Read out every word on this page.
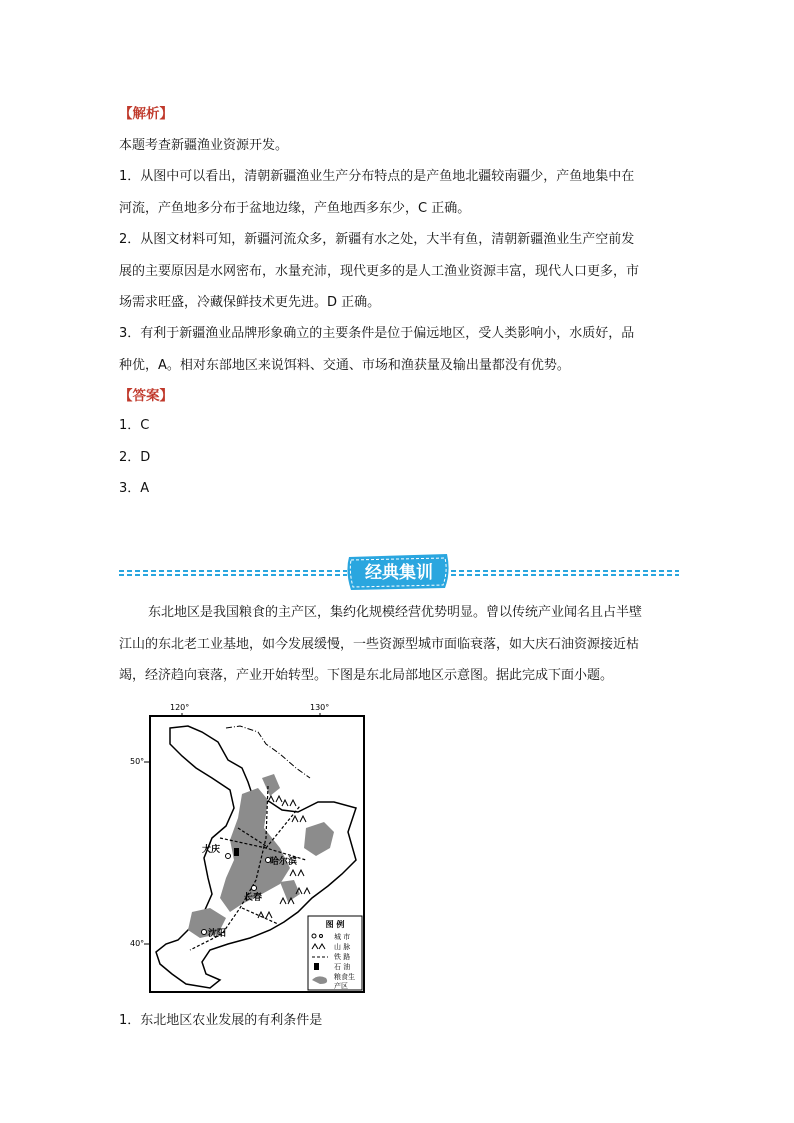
【解析】
本题考查新疆渔业资源开发。
1．从图中可以看出，清朝新疆渔业生产分布特点的是产鱼地北疆较南疆少，产鱼地集中在
河流，产鱼地多分布于盆地边缘，产鱼地西多东少，C 正确。
2．从图文材料可知，新疆河流众多，新疆有水之处，大半有鱼，清朝新疆渔业生产空前发
展的主要原因是水网密布，水量充沛，现代更多的是人工渔业资源丰富，现代人口更多，市
场需求旺盛，冷藏保鲜技术更先进。D 正确。
3．有利于新疆渔业品牌形象确立的主要条件是位于偏远地区，受人类影响小，水质好，品
种优，A。相对东部地区来说饵料、交通、市场和渔获量及输出量都没有优势。
【答案】
1．C
2．D
3．A
经典集训
东北地区是我国粮食的主产区，集约化规模经营优势明显。曾以传统产业闻名且占半壁
江山的东北老工业基地，如今发展缓慢，一些资源型城市面临衰落，如大庆石油资源接近枯
竭，经济趋向衰落，产业开始转型。下图是东北局部地区示意图。据此完成下面小题。
120°	130°
50°
40°
大庆
哈尔滨
长春
沈阳
图 例
城 市
山 脉
铁 路
石 油
粮食生
产区
1．东北地区农业发展的有利条件是
